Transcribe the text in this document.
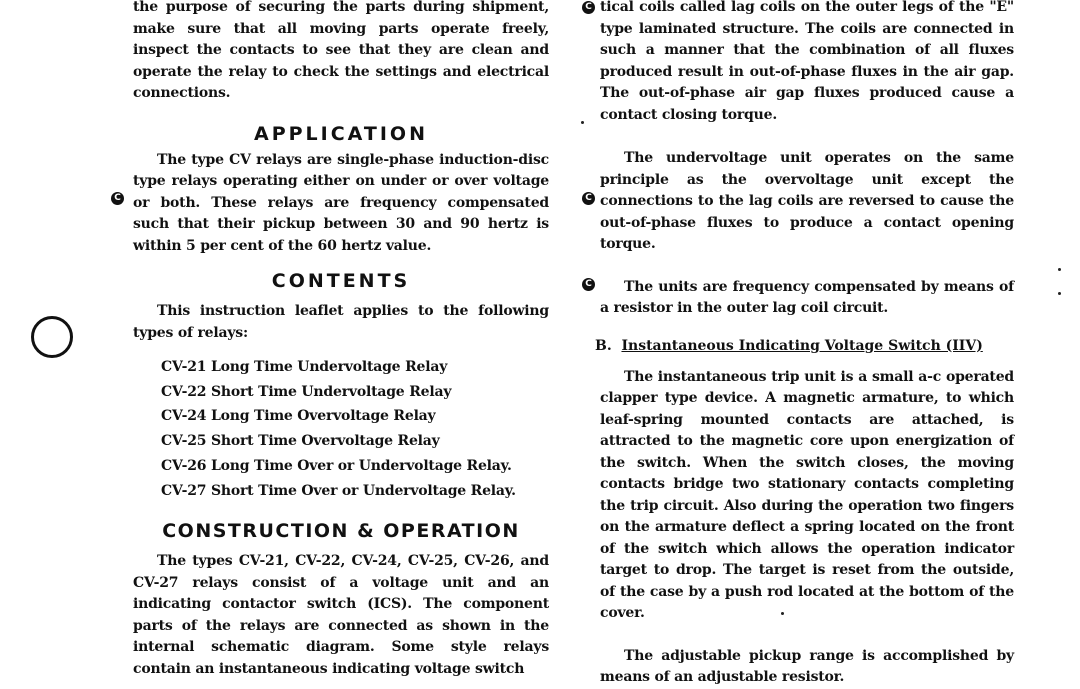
C
C
C
C

the purpose of securing the parts during shipment, make sure that all moving parts operate freely, inspect the contacts to see that they are clean and operate the relay to check the settings and electrical connections.

APPLICATION

The type CV relays are single-phase induction-disc type relays operating either on under or over voltage or both. These relays are frequency compensated such that their pickup between 30 and 90 hertz is within 5 per cent of the 60 hertz value.

CONTENTS

This instruction leaflet applies to the following types of relays:

CV-21 Long Time Undervoltage Relay
CV-22 Short Time Undervoltage Relay
CV-24 Long Time Overvoltage Relay
CV-25 Short Time Overvoltage Relay
CV-26 Long Time Over or Undervoltage Relay.
CV-27 Short Time Over or Undervoltage Relay.
CONSTRUCTION & OPERATION

The types CV-21, CV-22, CV-24, CV-25, CV-26, and CV-27 relays consist of a voltage unit and an indicating contactor switch (ICS). The component parts of the relays are connected as shown in the internal schematic diagram. Some style relays contain an instantaneous indicating voltage switch

tical coils called lag coils on the outer legs of the "E" type laminated structure. The coils are connected in such a manner that the combination of all fluxes produced result in out-of-phase fluxes in the air gap. The out-of-phase air gap fluxes produced cause a contact closing torque.

The undervoltage unit operates on the same principle as the overvoltage unit except the connections to the lag coils are reversed to cause the out-of-phase fluxes to produce a contact opening torque.

The units are frequency compensated by means of a resistor in the outer lag coil circuit.

B. Instantaneous Indicating Voltage Switch (IIV)

The instantaneous trip unit is a small a-c operated clapper type device. A magnetic armature, to which leaf-spring mounted contacts are attached, is attracted to the magnetic core upon energization of the switch. When the switch closes, the moving contacts bridge two stationary contacts completing the trip circuit. Also during the operation two fingers on the armature deflect a spring located on the front of the switch which allows the operation indicator target to drop. The target is reset from the outside, of the case by a push rod located at the bottom of the cover.

The adjustable pickup range is accomplished by means of an adjustable resistor.
